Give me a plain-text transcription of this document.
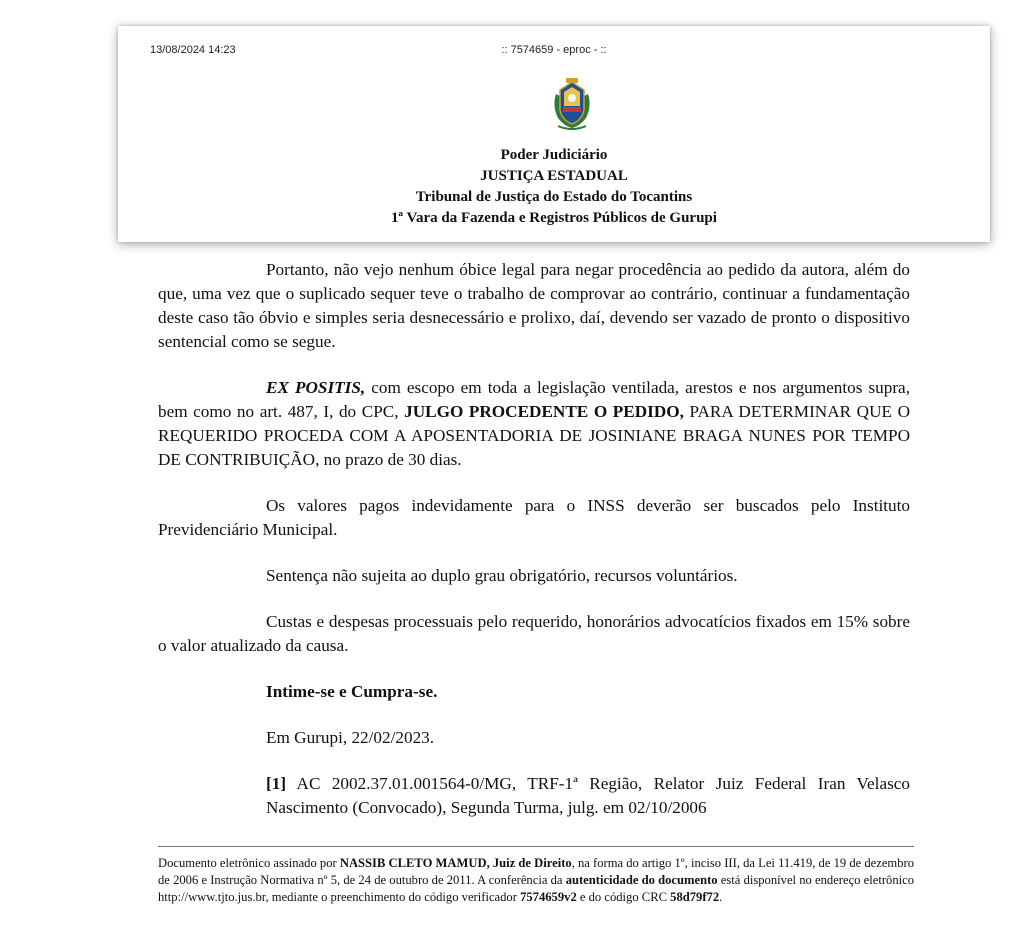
13/08/2024 14:23	:: 7574659 - eproc - ::
Poder Judiciário
JUSTIÇA ESTADUAL
Tribunal de Justiça do Estado do Tocantins
1ª Vara da Fazenda e Registros Públicos de Gurupi

Portanto, não vejo nenhum óbice legal para negar procedência ao pedido da autora, além do que, uma vez que o suplicado sequer teve o trabalho de comprovar ao contrário, continuar a fundamentação deste caso tão óbvio e simples seria desnecessário e prolixo, daí, devendo ser vazado de pronto o dispositivo sentencial como se segue.

EX POSITIS, com escopo em toda a legislação ventilada, arestos e nos argumentos supra, bem como no art. 487, I, do CPC, JULGO PROCEDENTE O PEDIDO, PARA DETERMINAR QUE O REQUERIDO PROCEDA COM A APOSENTADORIA DE JOSINIANE BRAGA NUNES POR TEMPO DE CONTRIBUIÇÃO, no prazo de 30 dias.

Os valores pagos indevidamente para o INSS deverão ser buscados pelo Instituto Previdenciário Municipal.

Sentença não sujeita ao duplo grau obrigatório, recursos voluntários.

Custas e despesas processuais pelo requerido, honorários advocatícios fixados em 15% sobre o valor atualizado da causa.

Intime-se e Cumpra-se.

Em Gurupi, 22/02/2023.

[1] AC 2002.37.01.001564-0/MG, TRF-1ª Região, Relator Juiz Federal Iran Velasco Nascimento (Convocado), Segunda Turma, julg. em 02/10/2006

Documento eletrônico assinado por NASSIB CLETO MAMUD, Juiz de Direito, na forma do artigo 1º, inciso III, da Lei 11.419, de 19 de dezembro de 2006 e Instrução Normativa nº 5, de 24 de outubro de 2011. A conferência da autenticidade do documento está disponível no endereço eletrônico http://www.tjto.jus.br, mediante o preenchimento do código verificador 7574659v2 e do código CRC 58d79f72.
